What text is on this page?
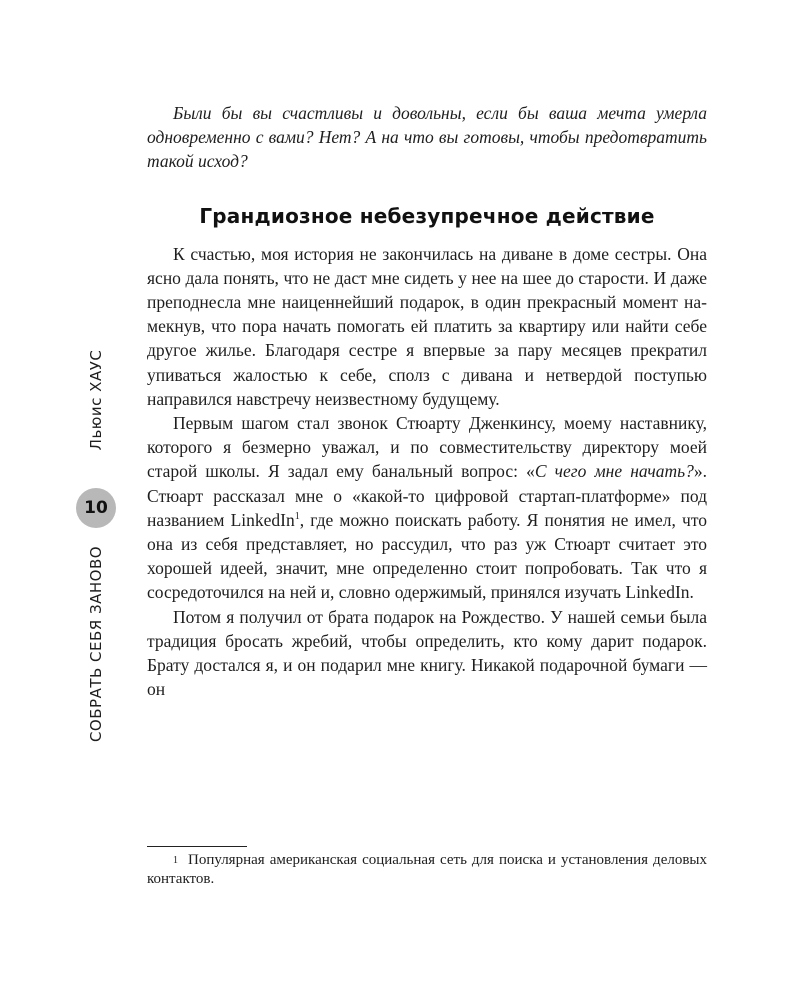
Льюис ХАУС
10
СОБРАТЬ СЕБЯ ЗАНОВО

Были бы вы счастливы и довольны, если бы ваша мечта умерла одновременно с вами? Нет? А на что вы готовы, чтобы предотвратить такой исход?

Грандиозное небезупречное действие

К счастью, моя история не закончилась на диване в доме сестры. Она ясно дала понять, что не даст мне сидеть у нее на шее до старости. И даже преподнесла мне наиценнейший подарок, в один прекрасный момент намекнув, что пора начать помогать ей платить за квартиру или найти себе другое жилье. Благодаря сестре я впервые за пару месяцев прекратил упиваться жалостью к себе, сполз с дивана и нетвердой поступью направился навстречу неизвестному будущему.

Первым шагом стал звонок Стюарту Дженкинсу, моему наставнику, которого я безмерно уважал, и по совместительству директору моей старой школы. Я задал ему банальный вопрос: «С чего мне начать?». Стюарт рассказал мне о «какой-то цифровой стартап-платформе» под названием LinkedIn$^1$, где можно поискать работу. Я понятия не имел, что она из себя представляет, но рассудил, что раз уж Стюарт считает это хорошей идеей, значит, мне определенно стоит попробовать. Так что я сосредоточился на ней и, словно одержимый, принялся изучать LinkedIn.

Потом я получил от брата подарок на Рождество. У нашей семьи была традиция бросать жребий, чтобы определить, кто кому дарит подарок. Брату достался я, и он подарил мне книгу. Никакой подарочной бумаги — он

1 Популярная американская социальная сеть для поиска и установления деловых контактов.
